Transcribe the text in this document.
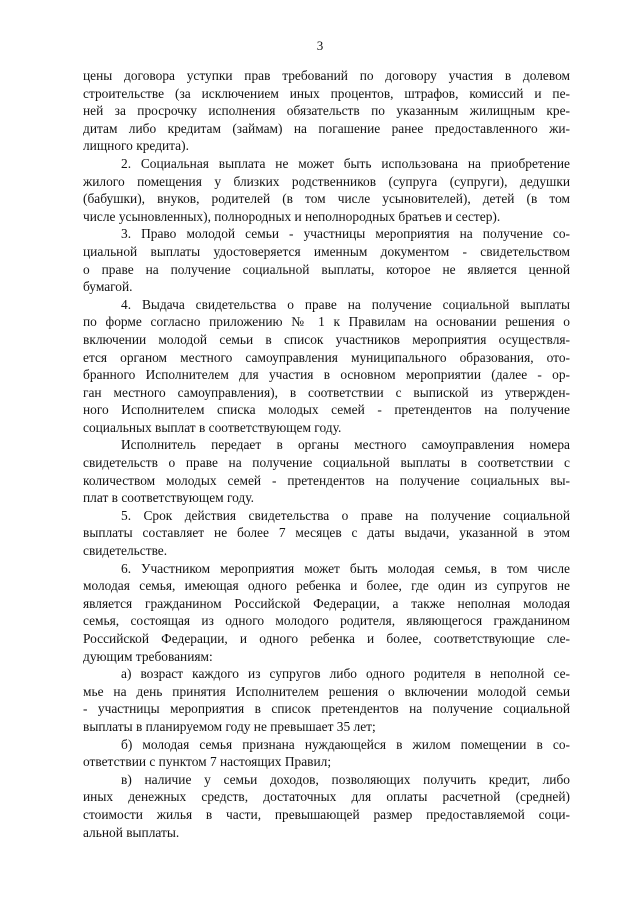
3
цены договора уступки прав требований по договору участия в долевом
строительстве (за исключением иных процентов, штрафов, комиссий и пе-
ней за просрочку исполнения обязательств по указанным жилищным кре-
дитам либо кредитам (займам) на погашение ранее предоставленного жи-
лищного кредита).
2. Социальная выплата не может быть использована на приобретение
жилого помещения у близких родственников (супруга (супруги), дедушки
(бабушки), внуков, родителей (в том числе усыновителей), детей (в том
числе усыновленных), полнородных и неполнородных братьев и сестер).
3. Право молодой семьи - участницы мероприятия на получение со-
циальной выплаты удостоверяется именным документом - свидетельством
о праве на получение социальной выплаты, которое не является ценной
бумагой.
4. Выдача свидетельства о праве на получение социальной выплаты
по форме согласно приложению № 1 к Правилам на основании решения о
включении молодой семьи в список участников мероприятия осуществля-
ется органом местного самоуправления муниципального образования, ото-
бранного Исполнителем для участия в основном мероприятии (далее - ор-
ган местного самоуправления), в соответствии с выпиской из утвержден-
ного Исполнителем списка молодых семей - претендентов на получение
социальных выплат в соответствующем году.
Исполнитель передает в органы местного самоуправления номера
свидетельств о праве на получение социальной выплаты в соответствии с
количеством молодых семей - претендентов на получение социальных вы-
плат в соответствующем году.
5. Срок действия свидетельства о праве на получение социальной
выплаты составляет не более 7 месяцев с даты выдачи, указанной в этом
свидетельстве.
6. Участником мероприятия может быть молодая семья, в том числе
молодая семья, имеющая одного ребенка и более, где один из супругов не
является гражданином Российской Федерации, а также неполная молодая
семья, состоящая из одного молодого родителя, являющегося гражданином
Российской Федерации, и одного ребенка и более, соответствующие сле-
дующим требованиям:
а) возраст каждого из супругов либо одного родителя в неполной се-
мье на день принятия Исполнителем решения о включении молодой семьи
- участницы мероприятия в список претендентов на получение социальной
выплаты в планируемом году не превышает 35 лет;
б) молодая семья признана нуждающейся в жилом помещении в со-
ответствии с пунктом 7 настоящих Правил;
в) наличие у семьи доходов, позволяющих получить кредит, либо
иных денежных средств, достаточных для оплаты расчетной (средней)
стоимости жилья в части, превышающей размер предоставляемой соци-
альной выплаты.
